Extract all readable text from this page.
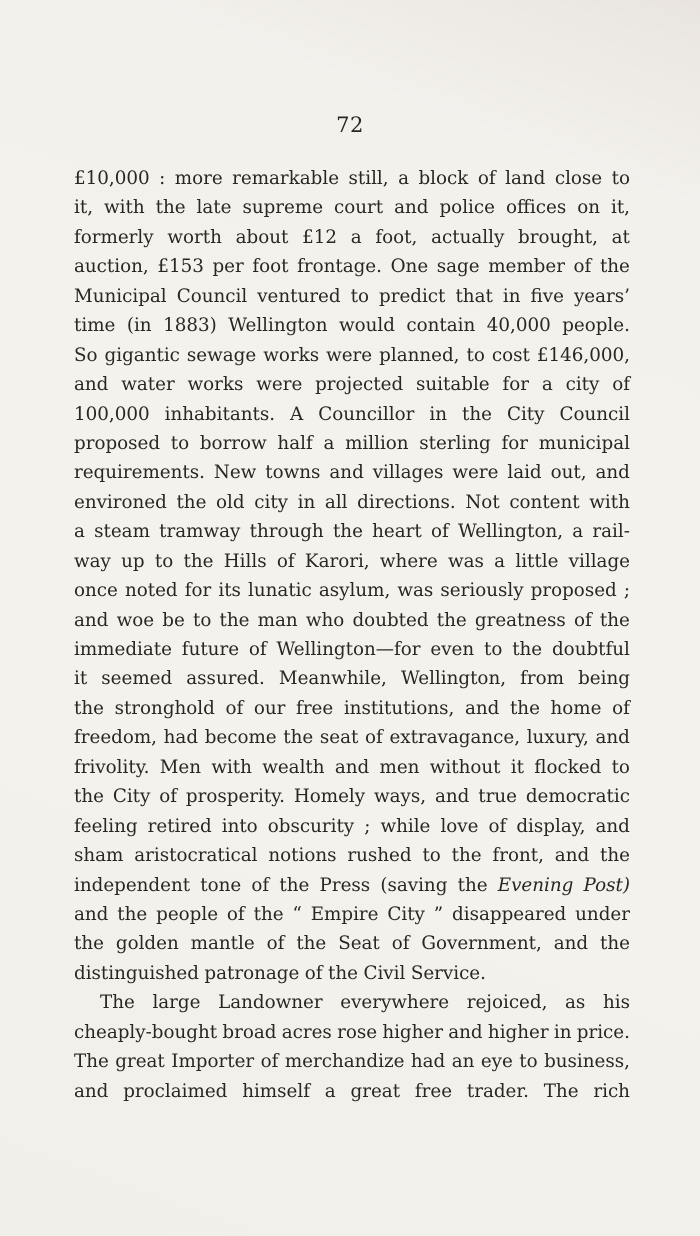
72
£10,000 : more remarkable still, a block of land close to
it, with the late supreme court and police offices on it,
formerly worth about £12 a foot, actually brought, at
auction, £153 per foot frontage. One sage member of the
Municipal Council ventured to predict that in five years’
time (in 1883) Wellington would contain 40,000 people.
So gigantic sewage works were planned, to cost £146,000,
and water works were projected suitable for a city of
100,000 inhabitants. A Councillor in the City Council
proposed to borrow half a million sterling for municipal
requirements. New towns and villages were laid out, and
environed the old city in all directions. Not content with
a steam tramway through the heart of Wellington, a rail-
way up to the Hills of Karori, where was a little village
once noted for its lunatic asylum, was seriously proposed ;
and woe be to the man who doubted the greatness of the
immediate future of Wellington—for even to the doubtful
it seemed assured. Meanwhile, Wellington, from being
the stronghold of our free institutions, and the home of
freedom, had become the seat of extravagance, luxury, and
frivolity. Men with wealth and men without it flocked to
the City of prosperity. Homely ways, and true democratic
feeling retired into obscurity ; while love of display, and
sham aristocratical notions rushed to the front, and the
independent tone of the Press (saving the Evening Post)
and the people of the “ Empire City ” disappeared under
the golden mantle of the Seat of Government, and the
distinguished patronage of the Civil Service.
The large Landowner everywhere rejoiced, as his
cheaply-bought broad acres rose higher and higher in price.
The great Importer of merchandize had an eye to business,
and proclaimed himself a great free trader. The rich
